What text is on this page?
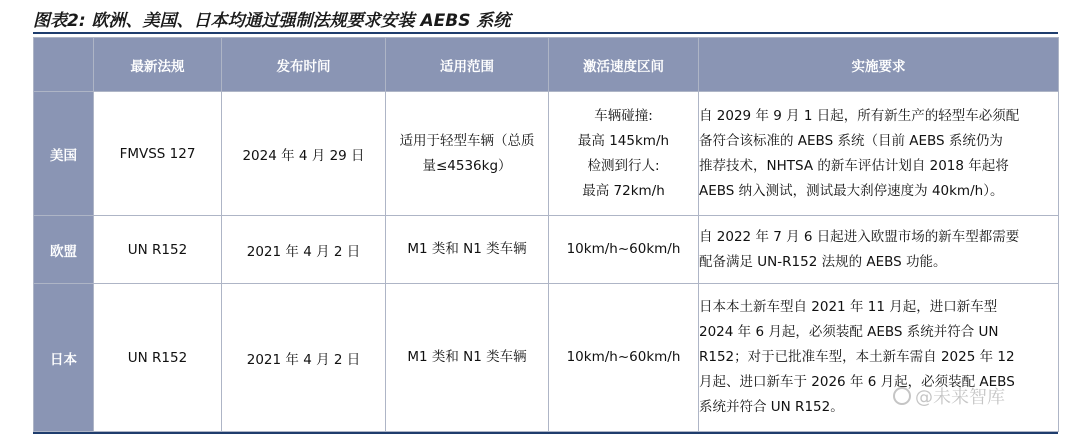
图表2: 欧洲、美国、日本均通过强制法规要求安装 AEBS 系统
	最新法规	发布时间	适用范围	激活速度区间	实施要求
美国	FMVSS 127	2024 年 4 月 29 日	适用于轻型车辆（总质
量≤4536kg）	车辆碰撞:
最高 145km/h
检测到行人:
最高 72km/h	自 2029 年 9 月 1 日起，所有新生产的轻型车必须配
备符合该标准的 AEBS 系统（目前 AEBS 系统仍为
推荐技术，NHTSA 的新车评估计划自 2018 年起将
AEBS 纳入测试，测试最大刹停速度为 40km/h）。

欧盟	UN R152	2021 年 4 月 2 日	M1 类和 N1 类车辆	10km/h~60km/h	自 2022 年 7 月 6 日起进入欧盟市场的新车型都需要
配备满足 UN-R152 法规的 AEBS 功能。

日本	UN R152	2021 年 4 月 2 日	M1 类和 N1 类车辆	10km/h~60km/h	日本本土新车型自 2021 年 11 月起，进口新车型
2024 年 6 月起，必须装配 AEBS 系统并符合 UN
R152；对于已批准车型，本土新车需自 2025 年 12
月起、进口新车于 2026 年 6 月起，必须装配 AEBS
系统并符合 UN R152。	@未来智库
